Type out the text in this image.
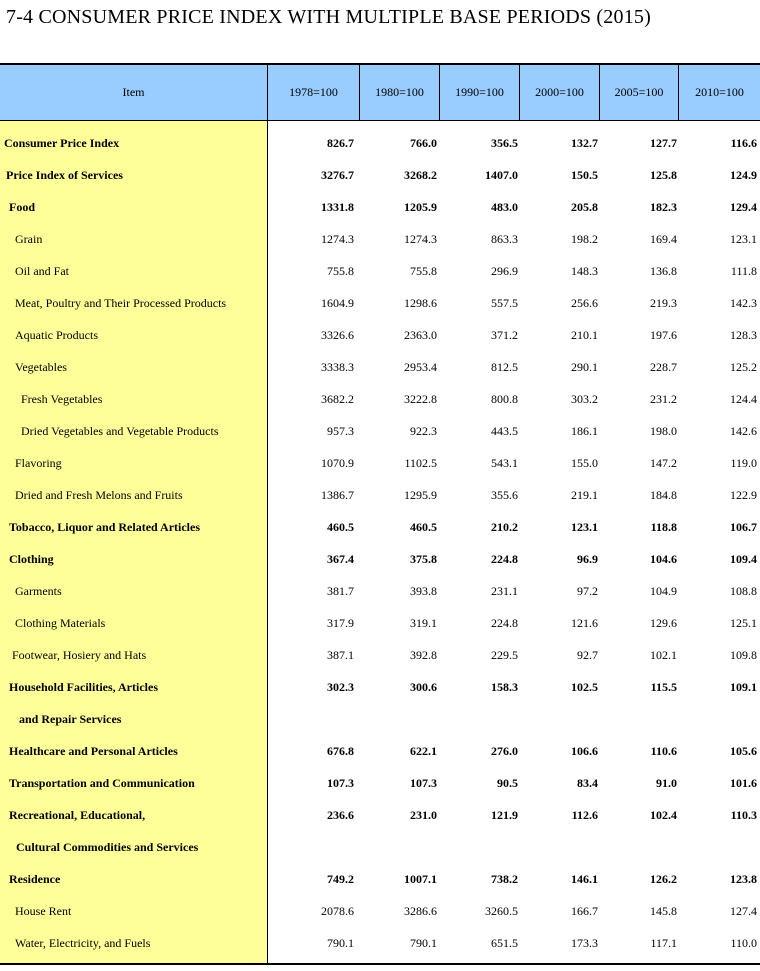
7-4 CONSUMER PRICE INDEX WITH MULTIPLE BASE PERIODS (2015)
Item	1978=100	1980=100	1990=100	2000=100	2005=100	2010=100
Consumer Price Index	826.7	766.0	356.5	132.7	127.7	116.6
Price Index of Services	3276.7	3268.2	1407.0	150.5	125.8	124.9
Food	1331.8	1205.9	483.0	205.8	182.3	129.4
Grain	1274.3	1274.3	863.3	198.2	169.4	123.1
Oil and Fat	755.8	755.8	296.9	148.3	136.8	111.8
Meat, Poultry and Their Processed Products	1604.9	1298.6	557.5	256.6	219.3	142.3
Aquatic Products	3326.6	2363.0	371.2	210.1	197.6	128.3
Vegetables	3338.3	2953.4	812.5	290.1	228.7	125.2
Fresh Vegetables	3682.2	3222.8	800.8	303.2	231.2	124.4
Dried Vegetables and Vegetable Products	957.3	922.3	443.5	186.1	198.0	142.6
Flavoring	1070.9	1102.5	543.1	155.0	147.2	119.0
Dried and Fresh Melons and Fruits	1386.7	1295.9	355.6	219.1	184.8	122.9
Tobacco, Liquor and Related Articles	460.5	460.5	210.2	123.1	118.8	106.7
Clothing	367.4	375.8	224.8	96.9	104.6	109.4
Garments	381.7	393.8	231.1	97.2	104.9	108.8
Clothing Materials	317.9	319.1	224.8	121.6	129.6	125.1
Footwear, Hosiery and Hats	387.1	392.8	229.5	92.7	102.1	109.8
Household Facilities, Articles	302.3	300.6	158.3	102.5	115.5	109.1
and Repair Services
Healthcare and Personal Articles	676.8	622.1	276.0	106.6	110.6	105.6
Transportation and Communication	107.3	107.3	90.5	83.4	91.0	101.6
Recreational, Educational,	236.6	231.0	121.9	112.6	102.4	110.3
Cultural Commodities and Services
Residence	749.2	1007.1	738.2	146.1	126.2	123.8
House Rent	2078.6	3286.6	3260.5	166.7	145.8	127.4
Water, Electricity, and Fuels	790.1	790.1	651.5	173.3	117.1	110.0
